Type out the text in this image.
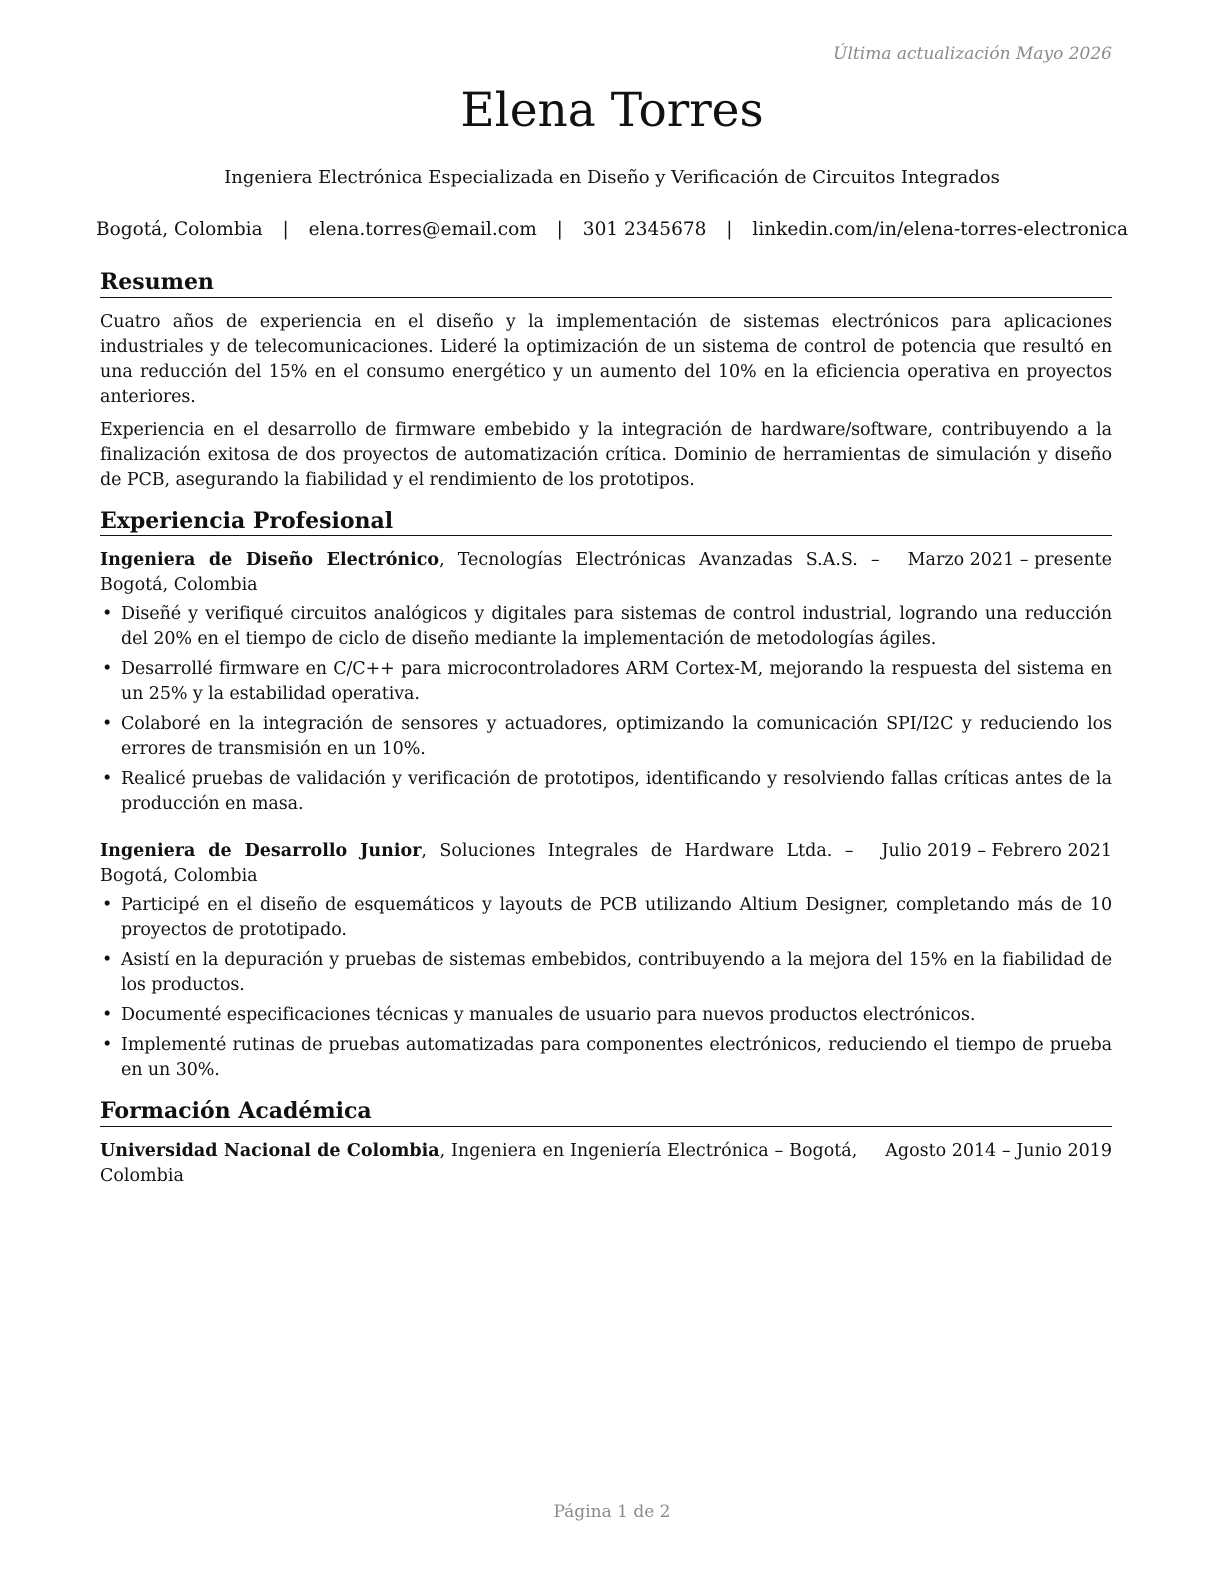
Última actualización Mayo 2026
Elena Torres
Ingeniera Electrónica Especializada en Diseño y Verificación de Circuitos Integrados
Bogotá, Colombia | elena.torres@email.com | 301 2345678 | linkedin.com/in/elena-torres-electronica
Resumen

Cuatro años de experiencia en el diseño y la implementación de sistemas electrónicos para aplicaciones industriales y de telecomunicaciones. Lideré la optimización de un sistema de control de potencia que resultó en una reducción del 15% en el consumo energético y un aumento del 10% en la eficiencia operativa en proyectos anteriores.

Experiencia en el desarrollo de firmware embebido y la integración de hardware/software, contribuyendo a la finalización exitosa de dos proyectos de automatización crítica. Dominio de herramientas de simulación y diseño de PCB, asegurando la fiabilidad y el rendimiento de los prototipos.

Experiencia Profesional
Ingeniera de Diseño Electrónico, Tecnologías Electrónicas Avanzadas S.A.S. – Bogotá, Colombia
Marzo 2021 – presente
• Diseñé y verifiqué circuitos analógicos y digitales para sistemas de control industrial, logrando una reducción del 20% en el tiempo de ciclo de diseño mediante la implementación de metodologías ágiles.
• Desarrollé firmware en C/C++ para microcontroladores ARM Cortex-M, mejorando la respuesta del sistema en un 25% y la estabilidad operativa.
• Colaboré en la integración de sensores y actuadores, optimizando la comunicación SPI/I2C y reduciendo los errores de transmisión en un 10%.
• Realicé pruebas de validación y verificación de prototipos, identificando y resolviendo fallas críticas antes de la producción en masa.
Ingeniera de Desarrollo Junior, Soluciones Integrales de Hardware Ltda. – Bogotá, Colombia
Julio 2019 – Febrero 2021
• Participé en el diseño de esquemáticos y layouts de PCB utilizando Altium Designer, completando más de 10 proyectos de prototipado.
• Asistí en la depuración y pruebas de sistemas embebidos, contribuyendo a la mejora del 15% en la fiabilidad de los productos.
• Documenté especificaciones técnicas y manuales de usuario para nuevos productos electrónicos.
• Implementé rutinas de pruebas automatizadas para componentes electrónicos, reduciendo el tiempo de prueba en un 30%.
Formación Académica
Universidad Nacional de Colombia, Ingeniera en Ingeniería Electrónica – Bogotá, Colombia
Agosto 2014 – Junio 2019
Página 1 de 2
